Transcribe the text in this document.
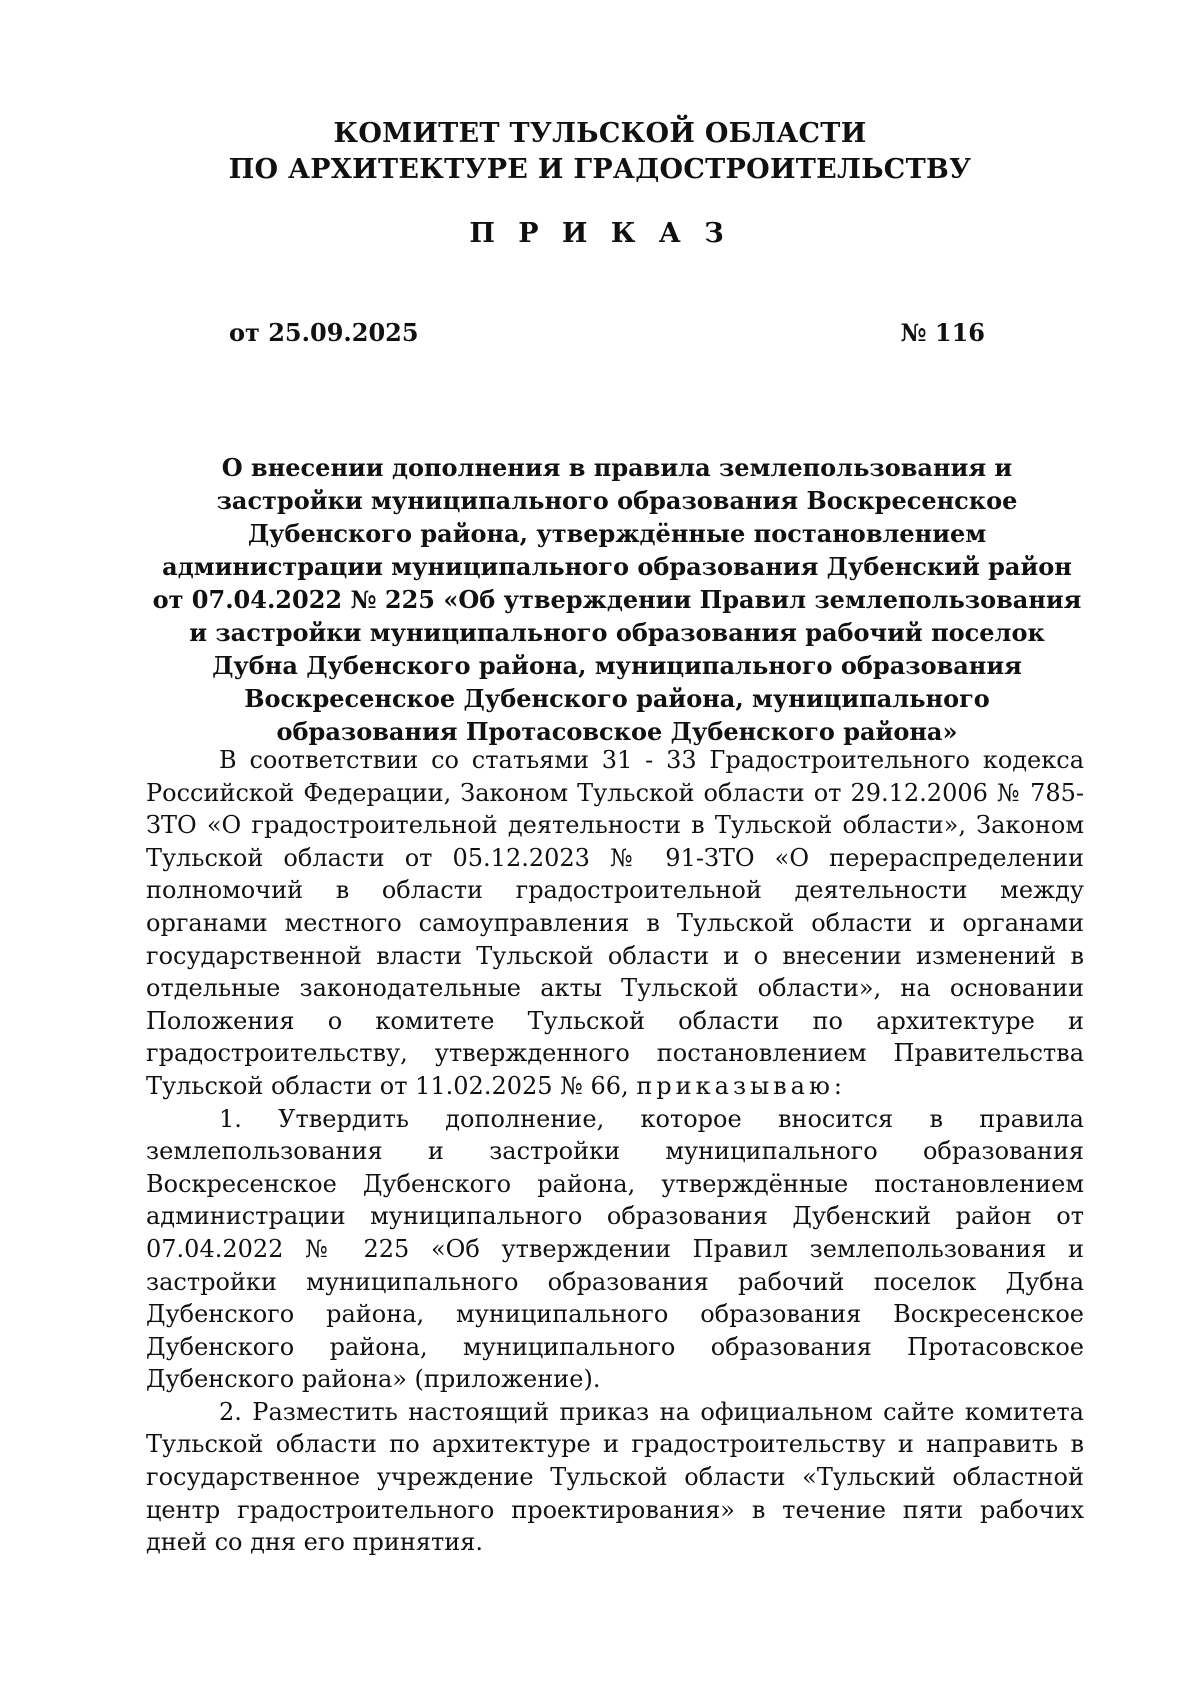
КОМИТЕТ ТУЛЬСКОЙ ОБЛАСТИ
ПО АРХИТЕКТУРЕ И ГРАДОСТРОИТЕЛЬСТВУ
П Р И К А З
от 25.09.2025	№ 116
О внесении дополнения в правила землепользования и застройки муниципального образования Воскресенское Дубенского района, утверждённые постановлением администрации муниципального образования Дубенский район от 07.04.2022 № 225 «Об утверждении Правил землепользования и застройки муниципального образования рабочий поселок Дубна Дубенского района, муниципального образования Воскресенское Дубенского района, муниципального образования Протасовское Дубенского района»

В соответствии со статьями 31 - 33 Градостроительного кодекса Российской Федерации, Законом Тульской области от 29.12.2006 № 785-ЗТО «О градостроительной деятельности в Тульской области», Законом Тульской области от 05.12.2023 № 91-ЗТО «О перераспределении полномочий в области градостроительной деятельности между органами местного самоуправления в Тульской области и органами государственной власти Тульской области и о внесении изменений в отдельные законодательные акты Тульской области», на основании Положения о комитете Тульской области по архитектуре и градостроительству, утвержденного постановлением Правительства Тульской области от 11.02.2025 № 66, приказываю:

1. Утвердить дополнение, которое вносится в правила землепользования и застройки муниципального образования Воскресенское Дубенского района, утверждённые постановлением администрации муниципального образования Дубенский район от 07.04.2022 № 225 «Об утверждении Правил землепользования и застройки муниципального образования рабочий поселок Дубна Дубенского района, муниципального образования Воскресенское Дубенского района, муниципального образования Протасовское Дубенского района» (приложение).

2. Разместить настоящий приказ на официальном сайте комитета Тульской области по архитектуре и градостроительству и направить в государственное учреждение Тульской области «Тульский областной центр градостроительного проектирования» в течение пяти рабочих дней со дня его принятия.
